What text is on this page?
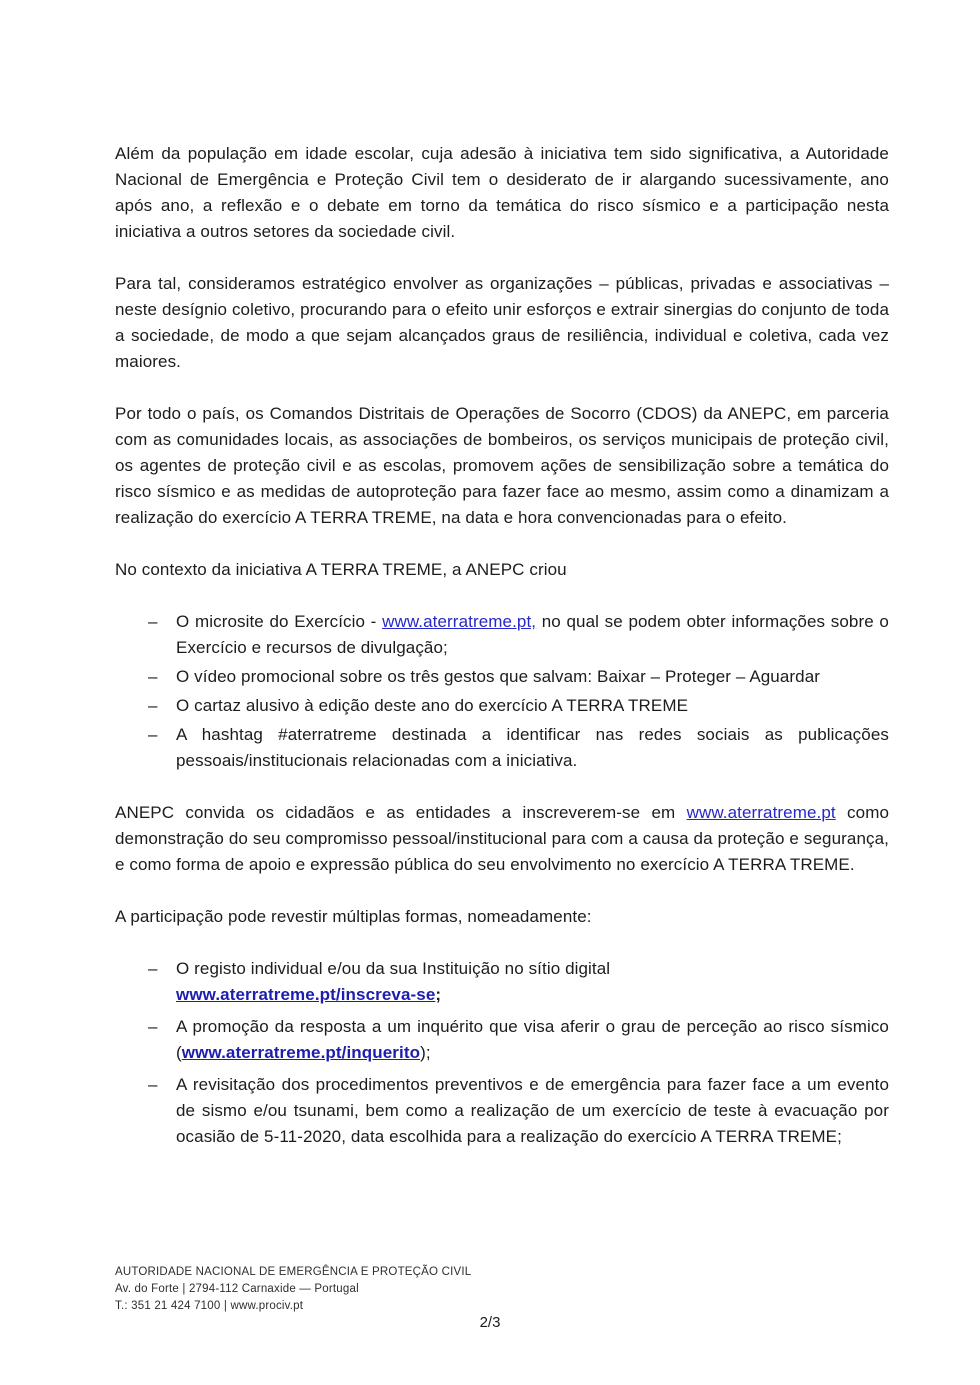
Além da população em idade escolar, cuja adesão à iniciativa tem sido significativa, a Autoridade Nacional de Emergência e Proteção Civil tem o desiderato de ir alargando sucessivamente, ano após ano, a reflexão e o debate em torno da temática do risco sísmico e a participação nesta iniciativa a outros setores da sociedade civil.

Para tal, consideramos estratégico envolver as organizações – públicas, privadas e associativas – neste desígnio coletivo, procurando para o efeito unir esforços e extrair sinergias do conjunto de toda a sociedade, de modo a que sejam alcançados graus de resiliência, individual e coletiva, cada vez maiores.

Por todo o país, os Comandos Distritais de Operações de Socorro (CDOS) da ANEPC, em parceria com as comunidades locais, as associações de bombeiros, os serviços municipais de proteção civil, os agentes de proteção civil e as escolas, promovem ações de sensibilização sobre a temática do risco sísmico e as medidas de autoproteção para fazer face ao mesmo, assim como a dinamizam a realização do exercício A TERRA TREME, na data e hora convencionadas para o efeito.

No contexto da iniciativa A TERRA TREME, a ANEPC criou

– O microsite do Exercício - www.aterratreme.pt, no qual se podem obter informações sobre o Exercício e recursos de divulgação;
– O vídeo promocional sobre os três gestos que salvam: Baixar – Proteger – Aguardar
– O cartaz alusivo à edição deste ano do exercício A TERRA TREME
– A hashtag #aterratreme destinada a identificar nas redes sociais as publicações pessoais/institucionais relacionadas com a iniciativa.

ANEPC convida os cidadãos e as entidades a inscreverem-se em www.aterratreme.pt como demonstração do seu compromisso pessoal/institucional para com a causa da proteção e segurança, e como forma de apoio e expressão pública do seu envolvimento no exercício A TERRA TREME.

A participação pode revestir múltiplas formas, nomeadamente:

– O registo individual e/ou da sua Instituição no sítio digital
www.aterratreme.pt/inscreva-se;
– A promoção da resposta a um inquérito que visa aferir o grau de perceção ao risco sísmico (www.aterratreme.pt/inquerito);
– A revisitação dos procedimentos preventivos e de emergência para fazer face a um evento de sismo e/ou tsunami, bem como a realização de um exercício de teste à evacuação por ocasião de 5-11-2020, data escolhida para a realização do exercício A TERRA TREME;
AUTORIDADE NACIONAL DE EMERGÊNCIA E PROTEÇÃO CIVIL
Av. do Forte | 2794-112 Carnaxide — Portugal
T.: 351 21 424 7100 | www.prociv.pt
2/3
